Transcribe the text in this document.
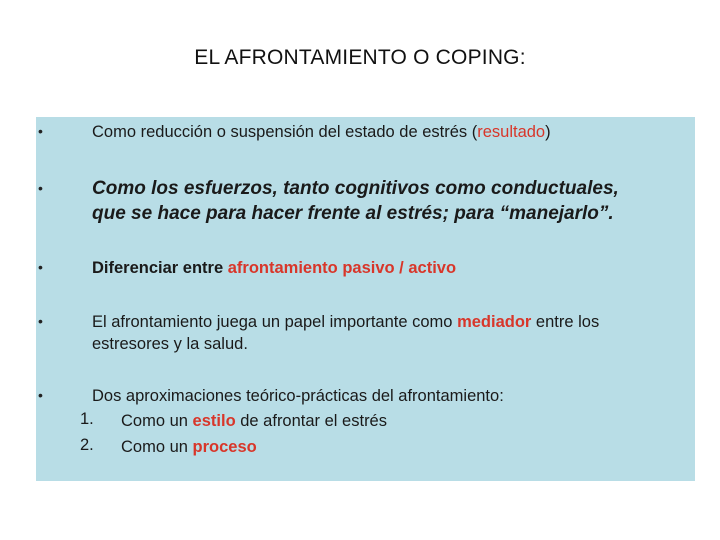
EL AFRONTAMIENTO O COPING:
•	Como reducción o suspensión del estado de estrés (resultado)
•	Como los esfuerzos, tanto cognitivos como conductuales,
que se hace para hacer frente al estrés; para “manejarlo”.
•	Diferenciar entre afrontamiento pasivo / activo
•	El afrontamiento juega un papel importante como mediador entre los
estresores y la salud.
•	Dos aproximaciones teórico-prácticas del afrontamiento:
1. Como un estilo de afrontar el estrés
2. Como un proceso
